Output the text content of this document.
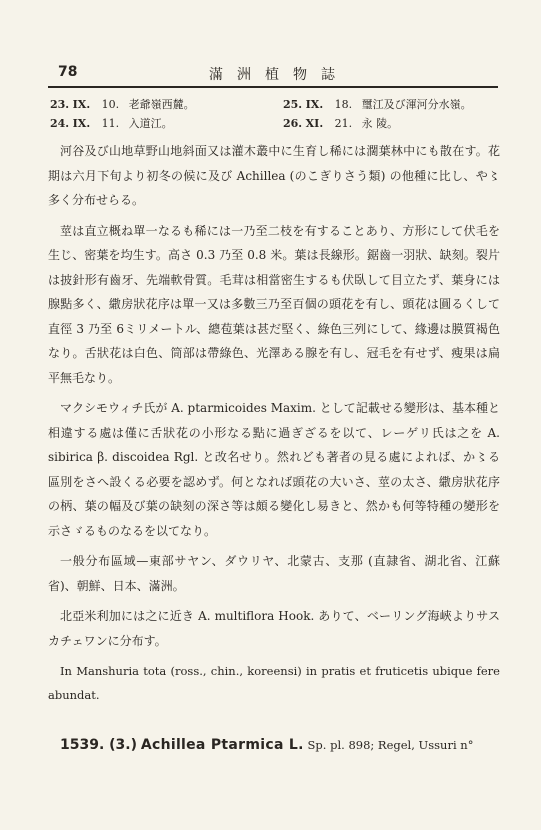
78	滿洲植物誌
23. IX. 10. 老爺嶺西麓。	25. IX. 18. 璽江及び渾河分水嶺。
24. IX. 11. 入道江。	26. XI. 21. 永 陵。

河谷及び山地草野山地斜面又は灌木叢中に生育し稀には濶葉林中にも散在す。花期は六月下旬より初冬の候に及び Achillea (のこぎりさう類) の他種に比し、や〻多く分布せらる。

莖は直立概ね單一なるも稀には一乃至二枝を有することあり、方形にして伏毛を生じ、密葉を均生す。高さ 0.3 乃至 0.8 米。葉は長線形。鋸齒一羽狀、缺刻。裂片は披針形有齒牙、先端軟骨質。毛茸は相當密生するも伏臥して目立たず、葉身には腺點多く、繖房狀花序は單一又は多數三乃至百個の頭花を有し、頭花は圓るくして直徑 3 乃至 6ミリメートル、總苞葉は甚だ堅く、綠色三列にして、緣邊は膜質褐色なり。舌狀花は白色、筒部は帶綠色、光澤ある腺を有し、冠毛を有せず、瘦果は扁平無毛なり。

マクシモウィチ氏が A. ptarmicoides Maxim. として記載せる變形は、基本種と相違する處は僅に舌狀花の小形なる點に過ぎざるを以て、レーゲリ氏は之を A. sibirica β. discoidea Rgl. と改名せり。然れども著者の見る處によれば、か〻る區別をさへ設くる必要を認めず。何となれば頭花の大いさ、莖の太さ、繖房狀花序の柄、葉の幅及び葉の缺刻の深さ等は頗る變化し易きと、然かも何等特種の變形を示さゞるものなるを以てなり。

一般分布區域—東部サヤン、ダウリヤ、北蒙古、支那 (直隷省、湖北省、江蘇省)、朝鮮、日本、滿洲。

北亞米利加には之に近き A. multiflora Hook. ありて、ベーリング海峽よりサスカチェワンに分布す。

In Manshuria tota (ross., chin., koreensi) in pratis et fruticetis ubique fere abundat.

1539. (3.) Achillea Ptarmica L. Sp. pl. 898; Regel, Ussuri n°
